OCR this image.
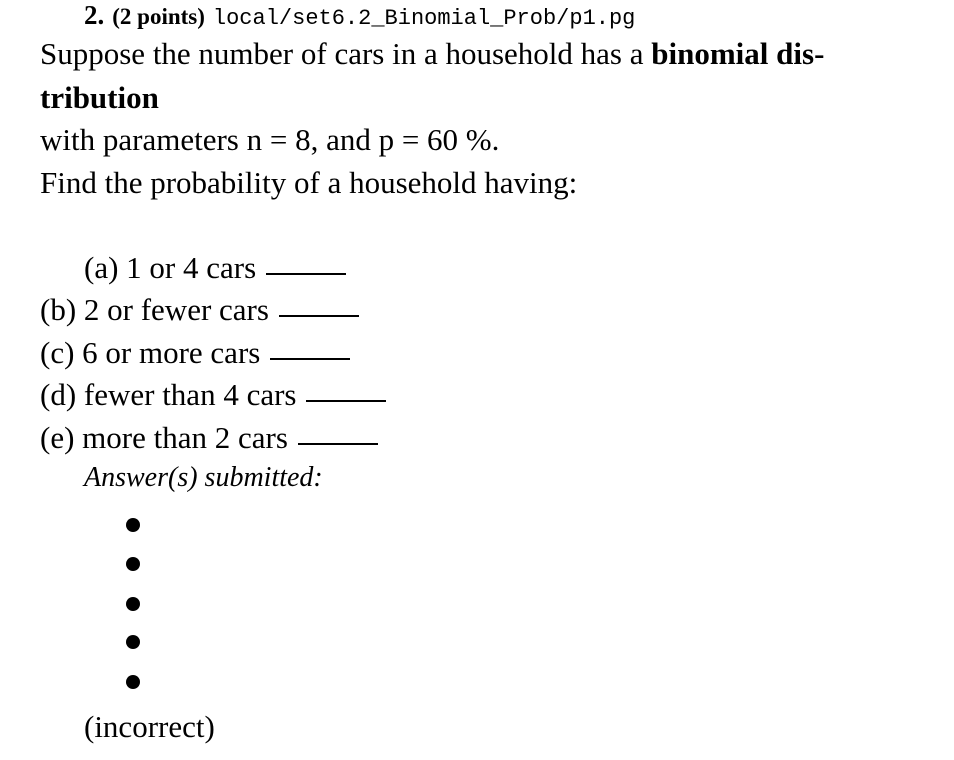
2. (2 points) local/set6.2_Binomial_Prob/p1.pg
Suppose the number of cars in a household has a binomial dis-
tribution
with parameters n = 8, and p = 60 %.
Find the probability of a household having:
(a) 1 or 4 cars
(b) 2 or fewer cars
(c) 6 or more cars
(d) fewer than 4 cars
(e) more than 2 cars
Answer(s) submitted:
(incorrect)
